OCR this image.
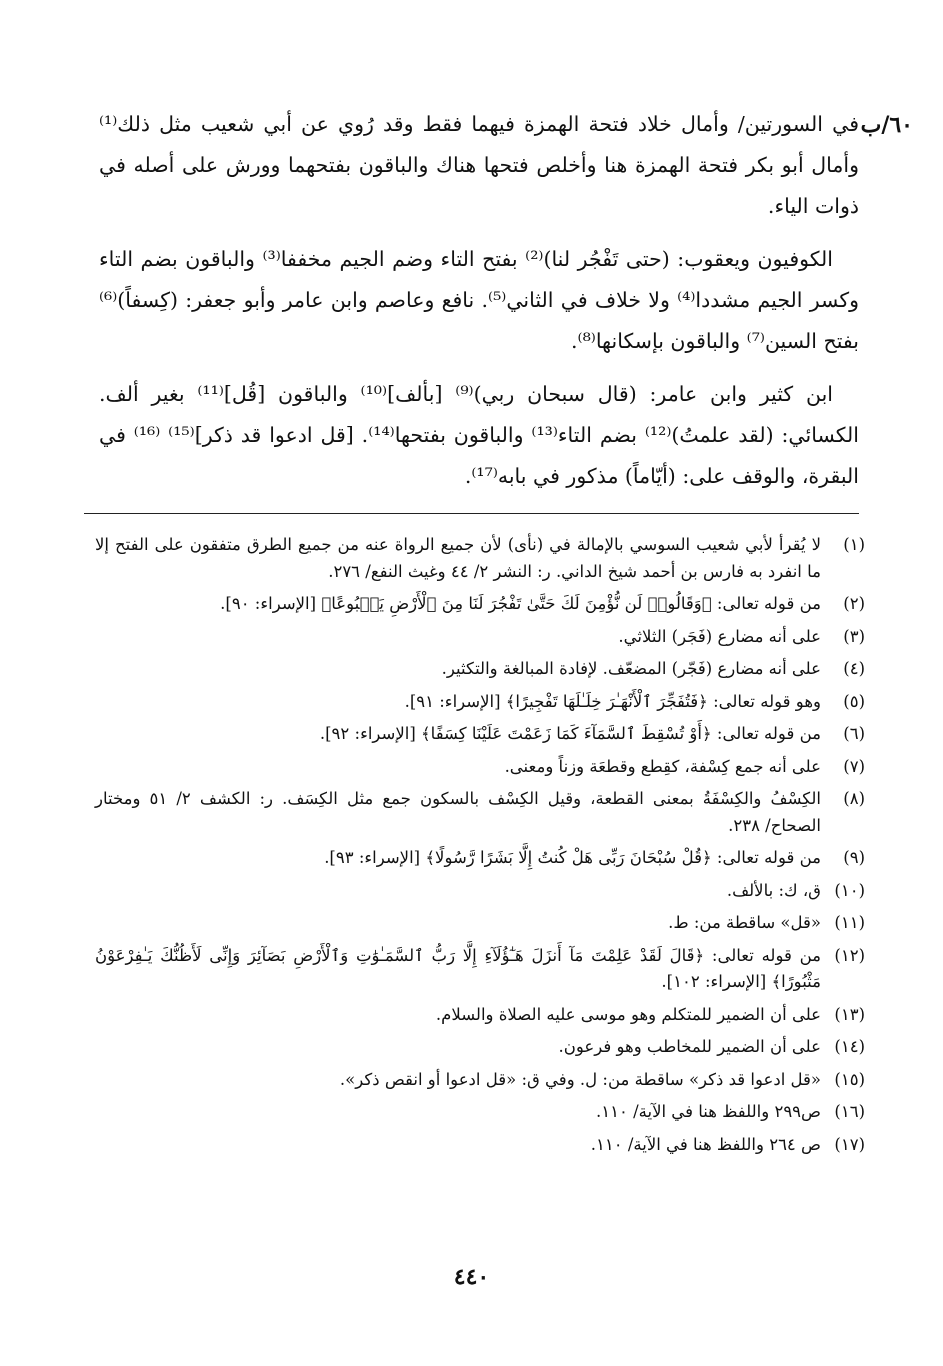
٦٠/ب

في السورتين/ وأمال خلاد فتحة الهمزة فيهما فقط وقد رُوي عن أبي شعيب مثل ذلك⁽¹⁾ وأمال أبو بكر فتحة الهمزة هنا وأخلص فتحها هناك والباقون بفتحهما وورش على أصله في ذوات الياء.

الكوفيون ويعقوب: (حتى تَفْجُر لنا)⁽²⁾ بفتح التاء وضم الجيم مخففا⁽³⁾ والباقون بضم التاء وكسر الجيم مشددا⁽⁴⁾ ولا خلاف في الثاني⁽⁵⁾. نافع وعاصم وابن عامر وأبو جعفر: (كِسفاً)⁽⁶⁾ بفتح السين⁽⁷⁾ والباقون بإسكانها⁽⁸⁾.

ابن كثير وابن عامر: (قال سبحان ربي)⁽⁹⁾ [بألف]⁽¹⁰⁾ والباقون [قُل]⁽¹¹⁾ بغير ألف. الكسائي: (لقد علمتُ)⁽¹²⁾ بضم التاء⁽¹³⁾ والباقون بفتحها⁽¹⁴⁾. [قل ادعوا قد ذكر]⁽¹⁵⁾ ⁽¹⁶⁾ في البقرة، والوقف على: (أيّاماً) مذكور في بابه⁽¹⁷⁾.

(١)
لا يُقرأ لأبي شعيب السوسي بالإمالة في (نأى) لأن جميع الرواة عنه من جميع الطرق متفقون على الفتح إلا ما انفرد به فارس بن أحمد شيخ الداني. ر: النشر ٢/ ٤٤ وغيث النفع/ ٢٧٦.
(٢)
من قوله تعالى: ﴿وَقَالُوا۟ لَن نُّؤْمِنَ لَكَ حَتَّىٰ تَفْجُرَ لَنَا مِنَ ٱلْأَرْضِ يَنۢبُوعًا﴾ [الإسراء: ٩٠].
(٣)
على أنه مضارع (فَجَر) الثلاثي.
(٤)
على أنه مضارع (فَجّر) المضعّف. لإفادة المبالغة والتكثير.
(٥)
وهو قوله تعالى: ﴿فَتُفَجِّرَ ٱلْأَنْهَـٰرَ خِلَـٰلَهَا تَفْجِيرًا﴾ [الإسراء: ٩١].
(٦)
من قوله تعالى: ﴿أَوْ تُسْقِطَ ٱلسَّمَآءَ كَمَا زَعَمْتَ عَلَيْنَا كِسَفًا﴾ [الإسراء: ٩٢].
(٧)
على أنه جمع كِسْفة، كقِطع وقطعَة وزناً ومعنى.
(٨)
الكِسْفُ والكِسْفَةُ بمعنى القطعة، وقيل الكِسْف بالسكون جمع مثل الكِسَف. ر: الكشف ٢/ ٥١ ومختار الصحاح/ ٢٣٨.
(٩)
من قوله تعالى: ﴿قُلْ سُبْحَانَ رَبِّى هَلْ كُنتُ إِلَّا بَشَرًا رَّسُولًا﴾ [الإسراء: ٩٣].
(١٠)
ق، ك: بالألف.
(١١)
«قل» ساقطة من: ط.
(١٢)
من قوله تعالى: ﴿قَالَ لَقَدْ عَلِمْتَ مَآ أَنزَلَ هَـٰٓؤُلَآءِ إِلَّا رَبُّ ٱلسَّمَـٰوَٰتِ وَٱلْأَرْضِ بَصَآئِرَ وَإِنِّى لَأَظُنُّكَ يَـٰفِرْعَوْنُ مَثْبُورًا﴾ [الإسراء: ١٠٢].
(١٣)
على أن الضمير للمتكلم وهو موسى عليه الصلاة والسلام.
(١٤)
على أن الضمير للمخاطب وهو فرعون.
(١٥)
«قل ادعوا قد ذكر» ساقطة من: ل. وفي ق: «قل ادعوا أو انقص ذكر».
(١٦)
ص٢٩٩ واللفظ هنا في الآية/ ١١٠.
(١٧)
ص ٢٦٤ واللفظ هنا في الآية/ ١١٠.
٤٤٠
